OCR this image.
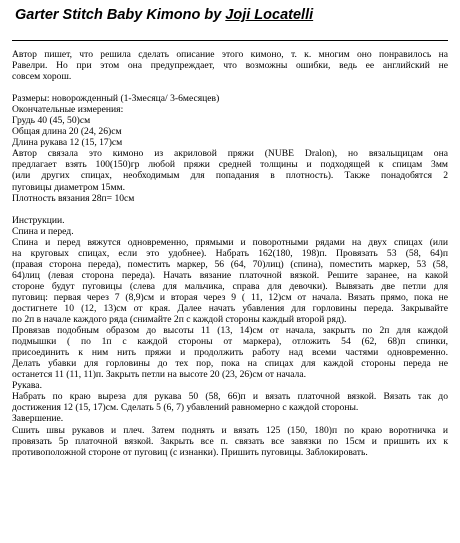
Garter Stitch Baby Kimono by Joji Locatelli
Автор пишет, что решила сделать описание этого кимоно, т. к. многим оно понравилось на
Равелри. Но при этом она предупреждает, что возможны ошибки, ведь ее английский не
совсем хорош.
Размеры: новорожденный (1-3месяца/ 3-6месяцев)
Окончательные измерения:
Грудь 40 (45, 50)см
Общая длина 20 (24, 26)см
Длина рукава 12 (15, 17)см
Автор связала это кимоно из акриловой пряжи (NUBE Dralon), но вязальщицам она
предлагает взять 100(150)гр любой пряжи средней толщины и подходящей к спицам 3мм
(или других спицах, необходимым для попадания в плотность). Также понадобятся 2
пуговицы диаметром 15мм.
Плотность вязания 28п= 10см
Инструкции.
Спина и перед.
Спина и перед вяжутся одновременно, прямыми и поворотными рядами на двух спицах (или
на круговых спицах, если это удобнее). Набрать 162(180, 198)п. Провязать 53 (58, 64)п
(правая сторона переда), поместить маркер, 56 (64, 70)лиц) (спина), поместить маркер, 53 (58,
64)лиц (левая сторона переда). Начать вязание платочной вязкой. Решите заранее, на какой
стороне будут пуговицы (слева для мальчика, справа для девочки). Вывязать две петли для
пуговиц: первая через 7 (8,9)см и вторая через 9 ( 11, 12)см от начала. Вязать прямо, пока не
достигнете 10 (12, 13)см от края. Далее начать убавления для горловины переда. Закрывайте
по 2п в начале каждого ряда (снимайте 2п с каждой стороны каждый второй ряд).
Провязав подобным образом до высоты 11 (13, 14)см от начала, закрыть по 2п для каждой
подмышки ( по 1п с каждой стороны от маркера), отложить 54 (62, 68)п спинки,
присоединить к ним нить пряжи и продолжить работу над всеми частями одновременно.
Делать убавки для горловины до тех пор, пока на спицах для каждой стороны переда не
останется 11 (11, 11)п. Закрыть петли на высоте 20 (23, 26)см от начала.
Рукава.
Набрать по краю выреза для рукава 50 (58, 66)п и вязать платочной вязкой. Вязать так до
достижения 12 (15, 17)см. Сделать 5 (6, 7) убавлений равномерно с каждой стороны.
Завершение.
Сшить швы рукавов и плеч. Затем поднять и вязать 125 (150, 180)п по краю воротничка и
провязать 5р платочной вязкой. Закрыть все п. связать все завязки по 15см и пришить их к
противоположной стороне от пуговиц (с изнанки). Пришить пуговицы. Заблокировать.
